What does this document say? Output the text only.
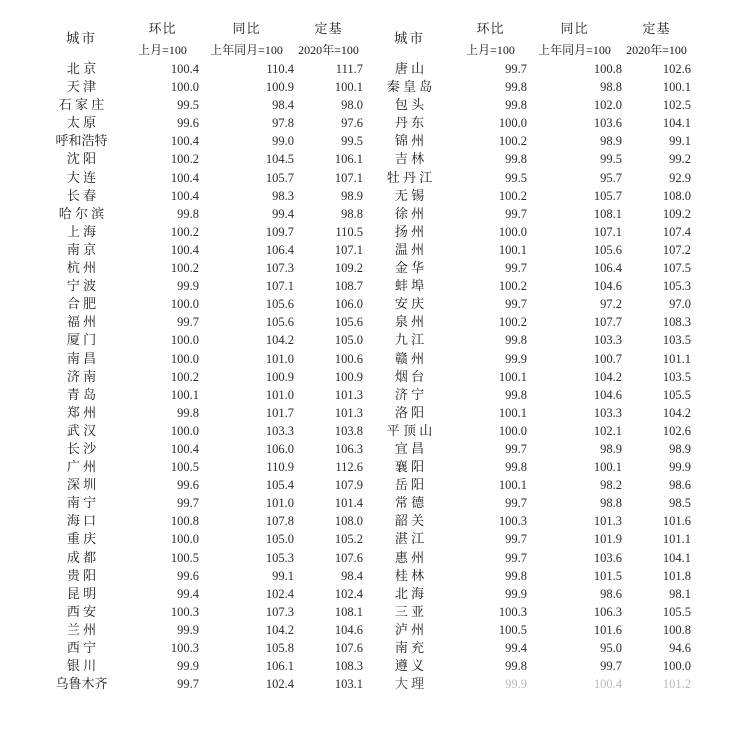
城市	环比	同比	定基		城市	环比	同比	定基
	上月=100	上年同月=100	2020年=100			上月=100	上年同月=100	2020年=100
北 京	100.4	110.4	111.7		唐 山	99.7	100.8	102.6
天 津	100.0	100.9	100.1		秦 皇 岛	99.8	98.8	100.1
石 家 庄	99.5	98.4	98.0		包 头	99.8	102.0	102.5
太 原	99.6	97.8	97.6		丹 东	100.0	103.6	104.1
呼和浩特	100.4	99.0	99.5		锦 州	100.2	98.9	99.1
沈 阳	100.2	104.5	106.1		吉 林	99.8	99.5	99.2
大 连	100.4	105.7	107.1		牡 丹 江	99.5	95.7	92.9
长 春	100.4	98.3	98.9		无 锡	100.2	105.7	108.0
哈 尔 滨	99.8	99.4	98.8		徐 州	99.7	108.1	109.2
上 海	100.2	109.7	110.5		扬 州	100.0	107.1	107.4
南 京	100.4	106.4	107.1		温 州	100.1	105.6	107.2
杭 州	100.2	107.3	109.2		金 华	99.7	106.4	107.5
宁 波	99.9	107.1	108.7		蚌 埠	100.2	104.6	105.3
合 肥	100.0	105.6	106.0		安 庆	99.7	97.2	97.0
福 州	99.7	105.6	105.6		泉 州	100.2	107.7	108.3
厦 门	100.0	104.2	105.0		九 江	99.8	103.3	103.5
南 昌	100.0	101.0	100.6		赣 州	99.9	100.7	101.1
济 南	100.2	100.9	100.9		烟 台	100.1	104.2	103.5
青 岛	100.1	101.0	101.3		济 宁	99.8	104.6	105.5
郑 州	99.8	101.7	101.3		洛 阳	100.1	103.3	104.2
武 汉	100.0	103.3	103.8		平 顶 山	100.0	102.1	102.6
长 沙	100.4	106.0	106.3		宜 昌	99.7	98.9	98.9
广 州	100.5	110.9	112.6		襄 阳	99.8	100.1	99.9
深 圳	99.6	105.4	107.9		岳 阳	100.1	98.2	98.6
南 宁	99.7	101.0	101.4		常 德	99.7	98.8	98.5
海 口	100.8	107.8	108.0		韶 关	100.3	101.3	101.6
重 庆	100.0	105.0	105.2		湛 江	99.7	101.9	101.1
成 都	100.5	105.3	107.6		惠 州	99.7	103.6	104.1
贵 阳	99.6	99.1	98.4		桂 林	99.8	101.5	101.8
昆 明	99.4	102.4	102.4		北 海	99.9	98.6	98.1
西 安	100.3	107.3	108.1		三 亚	100.3	106.3	105.5
兰 州	99.9	104.2	104.6		泸 州	100.5	101.6	100.8
西 宁	100.3	105.8	107.6		南 充	99.4	95.0	94.6
银 川	99.9	106.1	108.3		遵 义	99.8	99.7	100.0
乌鲁木齐	99.7	102.4	103.1		大 理	99.9	100.4	101.2
